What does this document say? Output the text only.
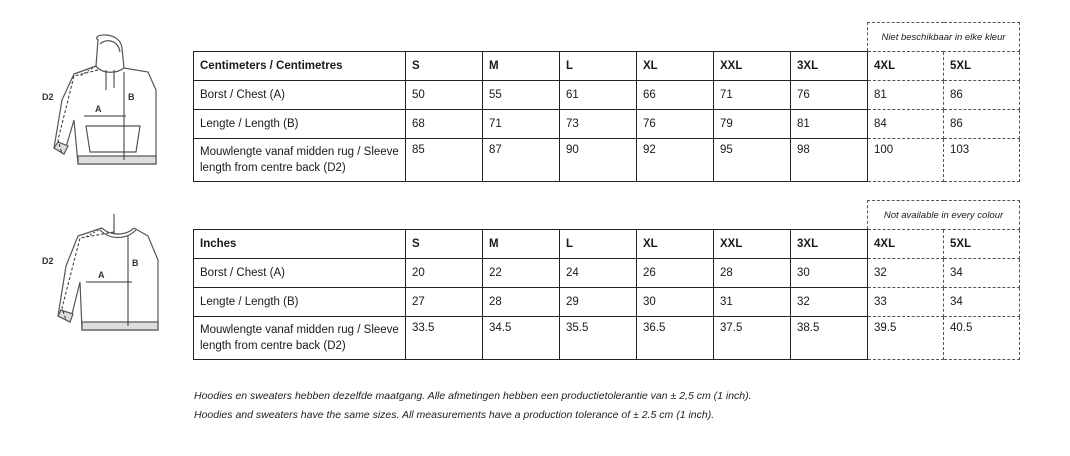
D2
A
B
D2
A
B
							Niet beschikbaar in elke kleur	
Centimeters / Centimetres	S	M	L	XL	XXL	3XL	4XL	5XL
Borst / Chest (A)	50	55	61	66	71	76	81	86
Lengte / Length (B)	68	71	73	76	79	81	84	86
Mouwlengte vanaf midden rug / Sleeve length from centre back (D2)	85	87	90	92	95	98	100	103
							Not available in every colour	
Inches	S	M	L	XL	XXL	3XL	4XL	5XL
Borst / Chest (A)	20	22	24	26	28	30	32	34
Lengte / Length (B)	27	28	29	30	31	32	33	34
Mouwlengte vanaf midden rug / Sleeve length from centre back (D2)	33.5	34.5	35.5	36.5	37.5	38.5	39.5	40.5
Hoodies en sweaters hebben dezelfde maatgang. Alle afmetingen hebben een productietolerantie van ± 2,5 cm (1 inch).
Hoodies and sweaters have the same sizes. All measurements have a production tolerance of ± 2.5 cm (1 inch).
